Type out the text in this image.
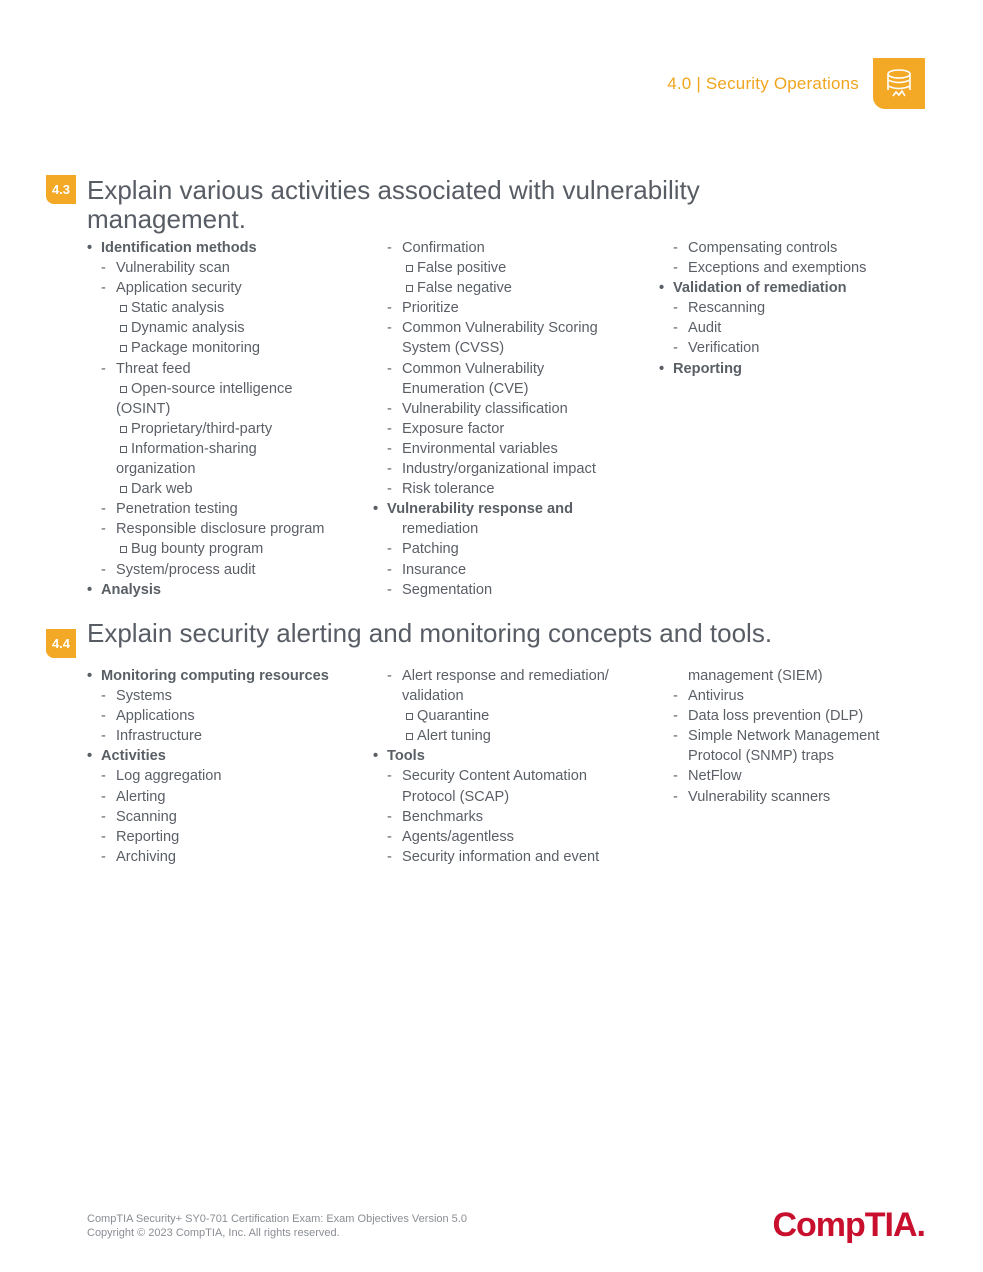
4.0 | Security Operations
4.3 Explain various activities associated with vulnerability management.
• Identification methods
- Vulnerability scan
- Application security
Static analysis
Dynamic analysis
Package monitoring
- Threat feed
Open-source intelligence
(OSINT)
Proprietary/third-party
Information-sharing
organization
Dark web
- Penetration testing
- Responsible disclosure program
Bug bounty program
- System/process audit
• Analysis
- Confirmation
False positive
False negative
- Prioritize
- Common Vulnerability Scoring
System (CVSS)
- Common Vulnerability
Enumeration (CVE)
- Vulnerability classification
- Exposure factor
- Environmental variables
- Industry/organizational impact
- Risk tolerance
• Vulnerability response and
remediation
- Patching
- Insurance
- Segmentation
- Compensating controls
- Exceptions and exemptions
• Validation of remediation
- Rescanning
- Audit
- Verification
• Reporting
4.4 Explain security alerting and monitoring concepts and tools.
• Monitoring computing resources
- Systems
- Applications
- Infrastructure
• Activities
- Log aggregation
- Alerting
- Scanning
- Reporting
- Archiving
- Alert response and remediation/
validation
Quarantine
Alert tuning
• Tools
- Security Content Automation
Protocol (SCAP)
- Benchmarks
- Agents/agentless
- Security information and event
management (SIEM)
- Antivirus
- Data loss prevention (DLP)
- Simple Network Management
Protocol (SNMP) traps
- NetFlow
- Vulnerability scanners
CompTIA Security+ SY0-701 Certification Exam: Exam Objectives Version 5.0
Copyright © 2023 CompTIA, Inc. All rights reserved.	CompTIA.
